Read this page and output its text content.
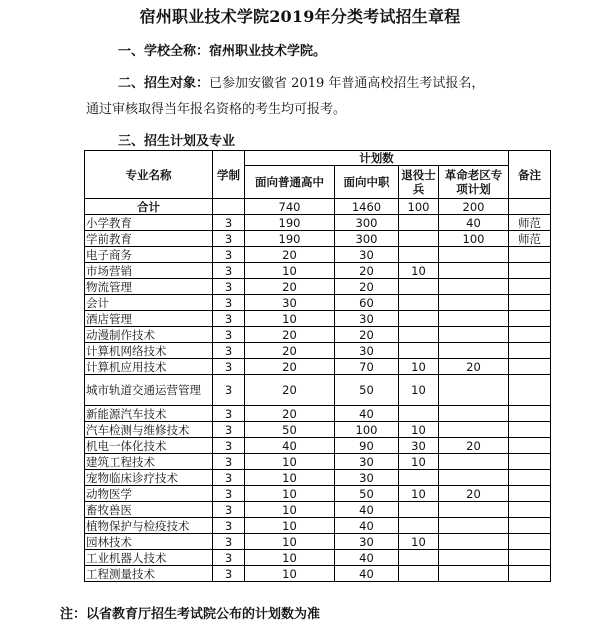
宿州职业技术学院2019年分类考试招生章程
一、学校全称：宿州职业技术学院。
二、招生对象：已参加安徽省 2019 年普通高校招生考试报名，
通过审核取得当年报名资格的考生均可报考。
三、招生计划及专业
专业名称	学制	计划数				备注
		面向普通高中	面向中职	退役士兵	革命老区专项计划	
合计		740	1460	100	200	
小学教育	3	190	300		40	师范
学前教育	3	190	300		100	师范
电子商务	3	20	30			
市场营销	3	10	20	10		
物流管理	3	20	20			
会计	3	30	60			
酒店管理	3	10	30			
动漫制作技术	3	20	20			
计算机网络技术	3	20	30			
计算机应用技术	3	20	70	10	20	
城市轨道交通运营管理	3	20	50	10		
新能源汽车技术	3	20	40			
汽车检测与维修技术	3	50	100	10		
机电一体化技术	3	40	90	30	20	
建筑工程技术	3	10	30	10		
宠物临床诊疗技术	3	10	30			
动物医学	3	10	50	10	20	
畜牧兽医	3	10	40			
植物保护与检疫技术	3	10	40			
园林技术	3	10	30	10		
工业机器人技术	3	10	40			
工程测量技术	3	10	40			
注：以省教育厅招生考试院公布的计划数为准
